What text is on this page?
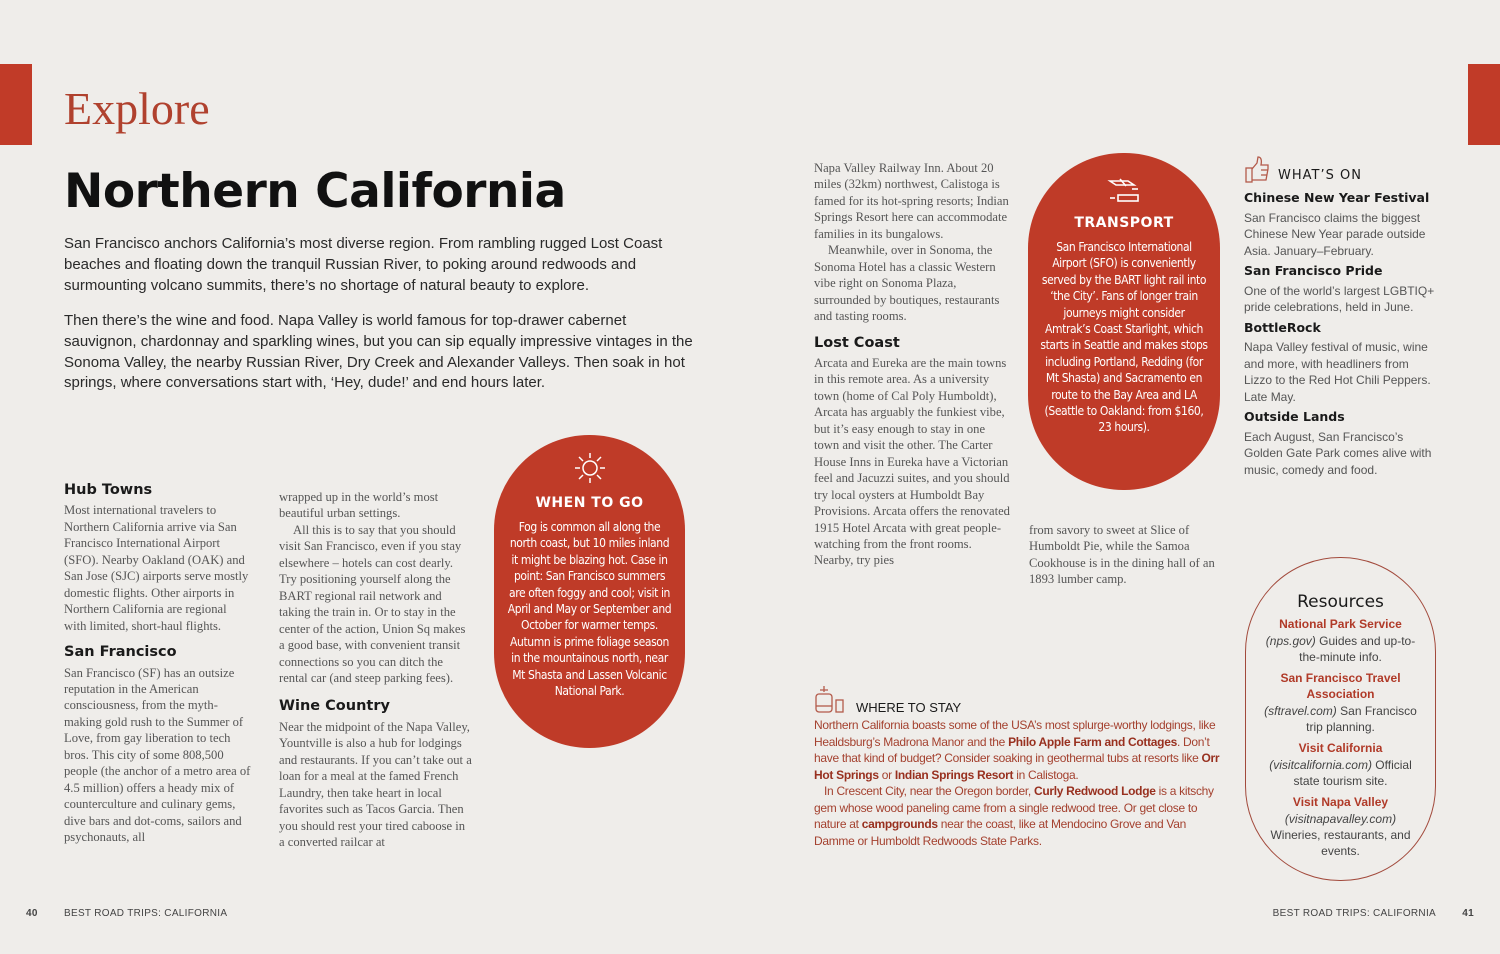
Explore
Northern California

San Francisco anchors California’s most diverse region. From rambling rugged Lost Coast beaches and floating down the tranquil Russian River, to poking around redwoods and surmounting volcano summits, there’s no shortage of natural beauty to explore.

Then there’s the wine and food. Napa Valley is world famous for top-drawer cabernet sauvignon, chardonnay and sparkling wines, but you can sip equally impressive vintages in the Sonoma Valley, the nearby Russian River, Dry Creek and Alexander Valleys. Then soak in hot springs, where conversations start with, ‘Hey, dude!’ and end hours later.

Hub Towns

Most international travelers to Northern California arrive via San Francisco International Airport (SFO). Nearby Oakland (OAK) and San Jose (SJC) airports serve mostly domestic flights. Other airports in Northern California are regional with limited, short-haul flights.

San Francisco

San Francisco (SF) has an outsize reputation in the American consciousness, from the myth-making gold rush to the Summer of Love, from gay liberation to tech bros. This city of some 808,500 people (the anchor of a metro area of 4.5 million) offers a heady mix of counterculture and culinary gems, dive bars and dot-coms, sailors and psychonauts, all

wrapped up in the world’s most beautiful urban settings.

All this is to say that you should visit San Francisco, even if you stay elsewhere – hotels can cost dearly. Try positioning yourself along the BART regional rail network and taking the train in. Or to stay in the center of the action, Union Sq makes a good base, with convenient transit connections so you can ditch the rental car (and steep parking fees).

Wine Country

Near the midpoint of the Napa Valley, Yountville is also a hub for lodgings and restaurants. If you can’t take out a loan for a meal at the famed French Laundry, then take heart in local favorites such as Tacos Garcia. Then you should rest your tired caboose in a converted railcar at

WHEN TO GO
Fog is common all along the north coast, but 10 miles inland it might be blazing hot. Case in point: San Francisco summers are often foggy and cool; visit in April and May or September and October for warmer temps. Autumn is prime foliage season in the mountainous north, near Mt Shasta and Lassen Volcanic National Park.

Napa Valley Railway Inn. About 20 miles (32km) northwest, Calistoga is famed for its hot-spring resorts; Indian Springs Resort here can accommodate families in its bungalows.

Meanwhile, over in Sonoma, the Sonoma Hotel has a classic Western vibe right on Sonoma Plaza, surrounded by boutiques, restaurants and tasting rooms.

Lost Coast

Arcata and Eureka are the main towns in this remote area. As a university town (home of Cal Poly Humboldt), Arcata has arguably the funkiest vibe, but it’s easy enough to stay in one town and visit the other. The Carter House Inns in Eureka have a Victorian feel and Jacuzzi suites, and you should try local oysters at Humboldt Bay Provisions. Arcata offers the renovated 1915 Hotel Arcata with great people-watching from the front rooms. Nearby, try pies

from savory to sweet at Slice of Humboldt Pie, while the Samoa Cookhouse is in the dining hall of an 1893 lumber camp.

TRANSPORT
San Francisco International Airport (SFO) is conveniently served by the BART light rail into ‘the City’. Fans of longer train journeys might consider Amtrak’s Coast Starlight, which starts in Seattle and makes stops including Portland, Redding (for Mt Shasta) and Sacramento en route to the Bay Area and LA (Seattle to Oakland: from $160, 23 hours).
WHAT’S ON
Chinese New Year Festival

San Francisco claims the biggest Chinese New Year parade outside Asia. January–February.

San Francisco Pride

One of the world’s largest LGBTIQ+ pride celebrations, held in June.

BottleRock

Napa Valley festival of music, wine and more, with headliners from Lizzo to the Red Hot Chili Peppers. Late May.

Outside Lands

Each August, San Francisco’s Golden Gate Park comes alive with music, comedy and food.

WHERE TO STAY

Northern California boasts some of the USA’s most splurge-worthy lodgings, like Healdsburg’s Madrona Manor and the Philo Apple Farm and Cottages. Don’t have that kind of budget? Consider soaking in geothermal tubs at resorts like Orr Hot Springs or Indian Springs Resort in Calistoga.

In Crescent City, near the Oregon border, Curly Redwood Lodge is a kitschy gem whose wood paneling came from a single redwood tree. Or get close to nature at campgrounds near the coast, like at Mendocino Grove and Van Damme or Humboldt Redwoods State Parks.

Resources
National Park Service
(nps.gov) Guides and up-to-the-minute info.
San Francisco Travel Association
(sftravel.com) San Francisco trip planning.
Visit California
(visitcalifornia.com) Official state tourism site.
Visit Napa Valley
(visitnapavalley.com) Wineries, restaurants, and events.
40	BEST ROAD TRIPS: CALIFORNIA	BEST ROAD TRIPS: CALIFORNIA	41
